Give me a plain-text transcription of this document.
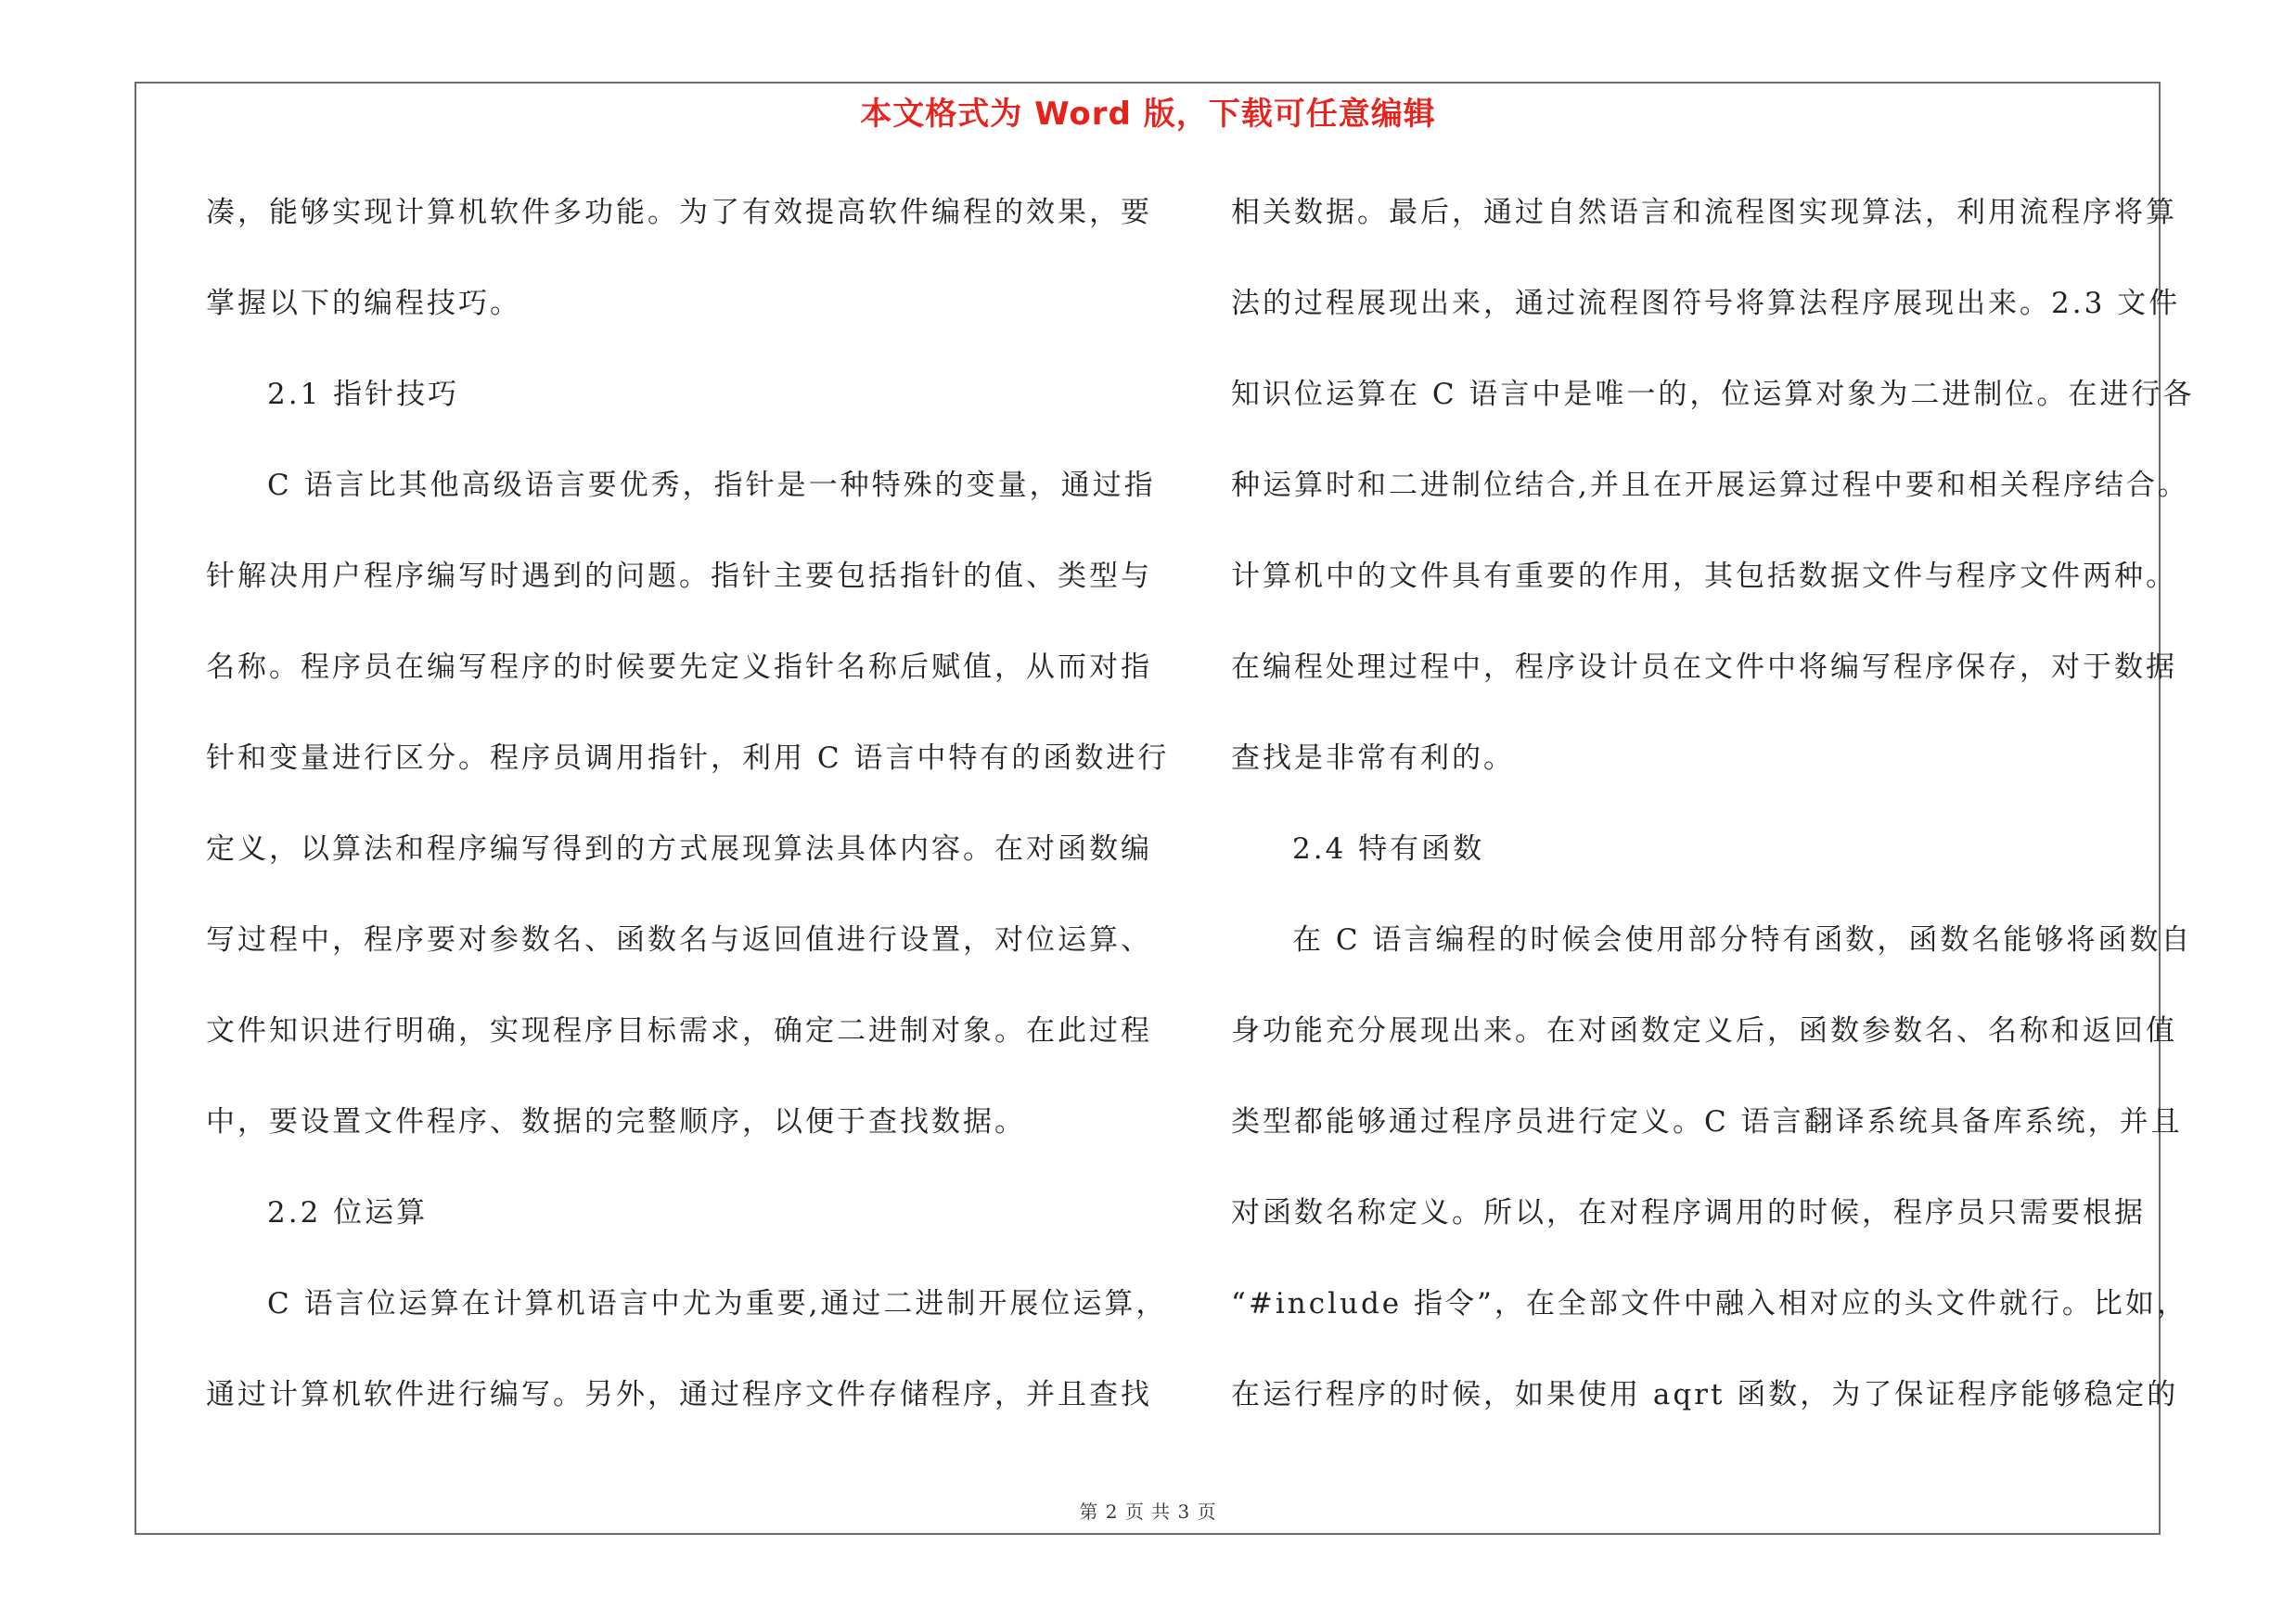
本文格式为 Word 版，下载可任意编辑
凑，能够实现计算机软件多功能。为了有效提高软件编程的效果，要
掌握以下的编程技巧。
2.1 指针技巧
C 语言比其他高级语言要优秀，指针是一种特殊的变量，通过指
针解决用户程序编写时遇到的问题。指针主要包括指针的值、类型与
名称。程序员在编写程序的时候要先定义指针名称后赋值，从而对指
针和变量进行区分。程序员调用指针，利用 C 语言中特有的函数进行
定义，以算法和程序编写得到的方式展现算法具体内容。在对函数编
写过程中，程序要对参数名、函数名与返回值进行设置，对位运算、
文件知识进行明确，实现程序目标需求，确定二进制对象。在此过程
中，要设置文件程序、数据的完整顺序，以便于查找数据。
2.2 位运算
C 语言位运算在计算机语言中尤为重要,通过二进制开展位运算，
通过计算机软件进行编写。另外，通过程序文件存储程序，并且查找
相关数据。最后，通过自然语言和流程图实现算法，利用流程序将算
法的过程展现出来，通过流程图符号将算法程序展现出来。2.3 文件
知识位运算在 C 语言中是唯一的，位运算对象为二进制位。在进行各
种运算时和二进制位结合,并且在开展运算过程中要和相关程序结合。
计算机中的文件具有重要的作用，其包括数据文件与程序文件两种。
在编程处理过程中，程序设计员在文件中将编写程序保存，对于数据
查找是非常有利的。
2.4 特有函数
在 C 语言编程的时候会使用部分特有函数，函数名能够将函数自
身功能充分展现出来。在对函数定义后，函数参数名、名称和返回值
类型都能够通过程序员进行定义。C 语言翻译系统具备库系统，并且
对函数名称定义。所以，在对程序调用的时候，程序员只需要根据
“#include 指令”，在全部文件中融入相对应的头文件就行。比如，
在运行程序的时候，如果使用 aqrt 函数，为了保证程序能够稳定的
第 2 页 共 3 页
